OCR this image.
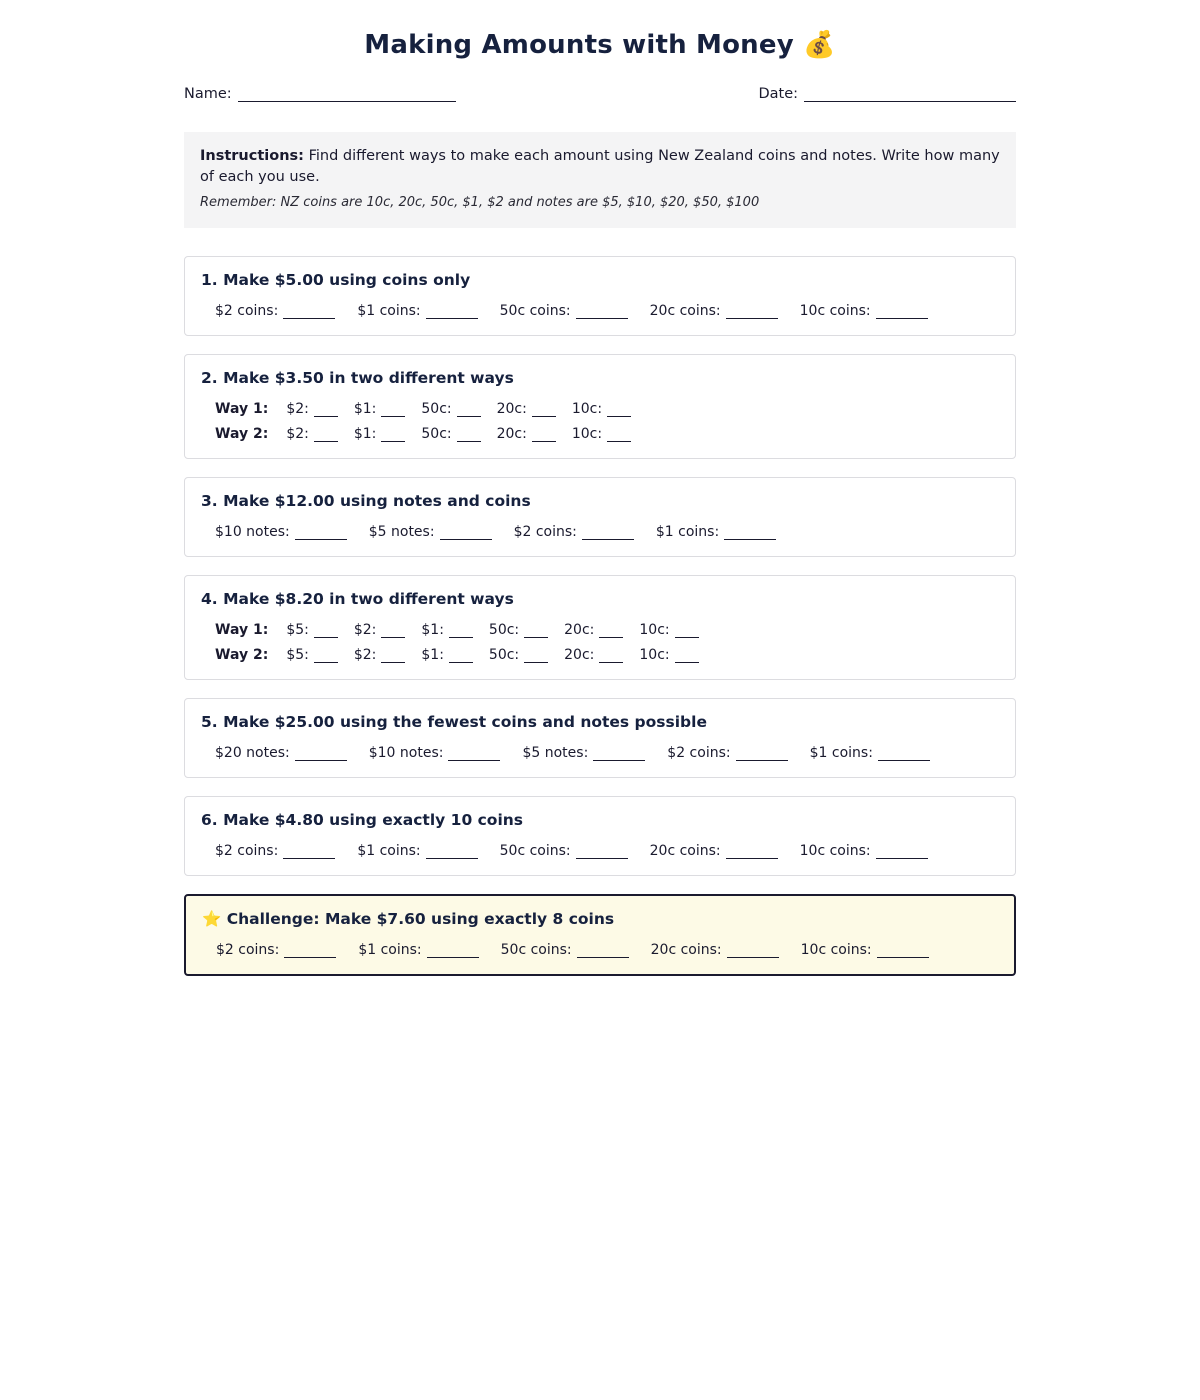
Making Amounts with Money 💰
Name:	Date:
Instructions: Find different ways to make each amount using New Zealand coins and notes. Write how many of each you use.
Remember: NZ coins are 10c, 20c, 50c, $1, $2 and notes are $5, $10, $20, $50, $100
1. Make $5.00 using coins only
$2 coins:	$1 coins:	50c coins:	20c coins:	10c coins:
2. Make $3.50 in two different ways
Way 1: $2:	$1:	50c:	20c:	10c:
Way 2: $2:	$1:	50c:	20c:	10c:
3. Make $12.00 using notes and coins
$10 notes:	$5 notes:	$2 coins:	$1 coins:
4. Make $8.20 in two different ways
Way 1: $5:	$2:	$1:	50c:	20c:	10c:
Way 2: $5:	$2:	$1:	50c:	20c:	10c:
5. Make $25.00 using the fewest coins and notes possible
$20 notes:	$10 notes:	$5 notes:	$2 coins:	$1 coins:
6. Make $4.80 using exactly 10 coins
$2 coins:	$1 coins:	50c coins:	20c coins:	10c coins:
⭐ Challenge: Make $7.60 using exactly 8 coins
$2 coins:	$1 coins:	50c coins:	20c coins:	10c coins:
